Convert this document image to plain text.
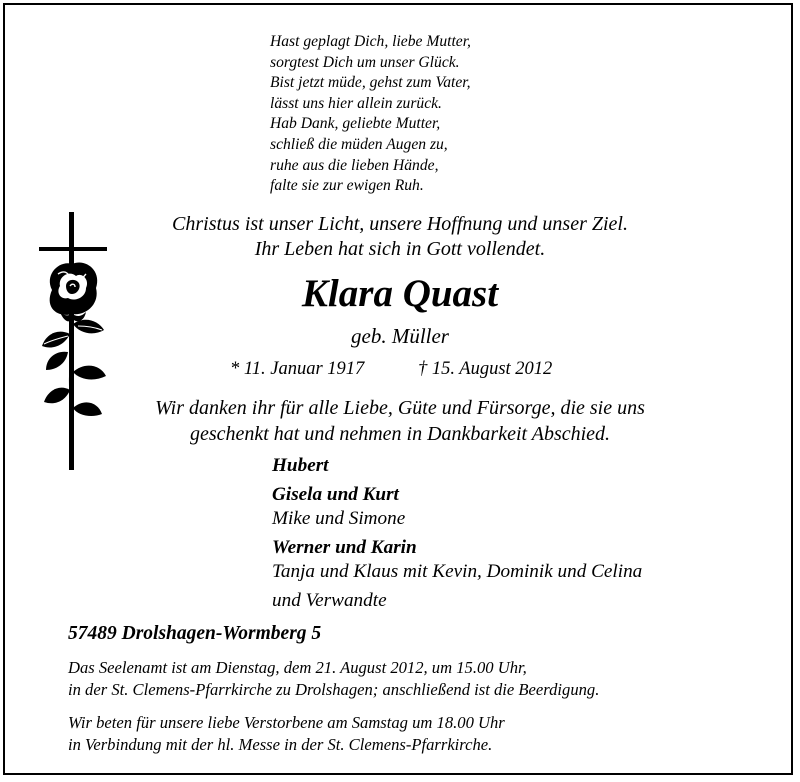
Hast geplagt Dich, liebe Mutter,
sorgtest Dich um unser Glück.
Bist jetzt müde, gehst zum Vater,
lässt uns hier allein zurück.
Hab Dank, geliebte Mutter,
schließ die müden Augen zu,
ruhe aus die lieben Hände,
falte sie zur ewigen Ruh.
Christus ist unser Licht, unsere Hoffnung und unser Ziel.
Ihr Leben hat sich in Gott vollendet.
Klara Quast
geb. Müller
* 11. Januar 1917	† 15. August 2012
Wir danken ihr für alle Liebe, Güte und Fürsorge, die sie uns
geschenkt hat und nehmen in Dankbarkeit Abschied.
Hubert
Gisela und Kurt
Mike und Simone
Werner und Karin
Tanja und Klaus mit Kevin, Dominik und Celina
und Verwandte
57489 Drolshagen-Wormberg 5
Das Seelenamt ist am Dienstag, dem 21. August 2012, um 15.00 Uhr,
in der St. Clemens-Pfarrkirche zu Drolshagen; anschließend ist die Beerdigung.
Wir beten für unsere liebe Verstorbene am Samstag um 18.00 Uhr
in Verbindung mit der hl. Messe in der St. Clemens-Pfarrkirche.
